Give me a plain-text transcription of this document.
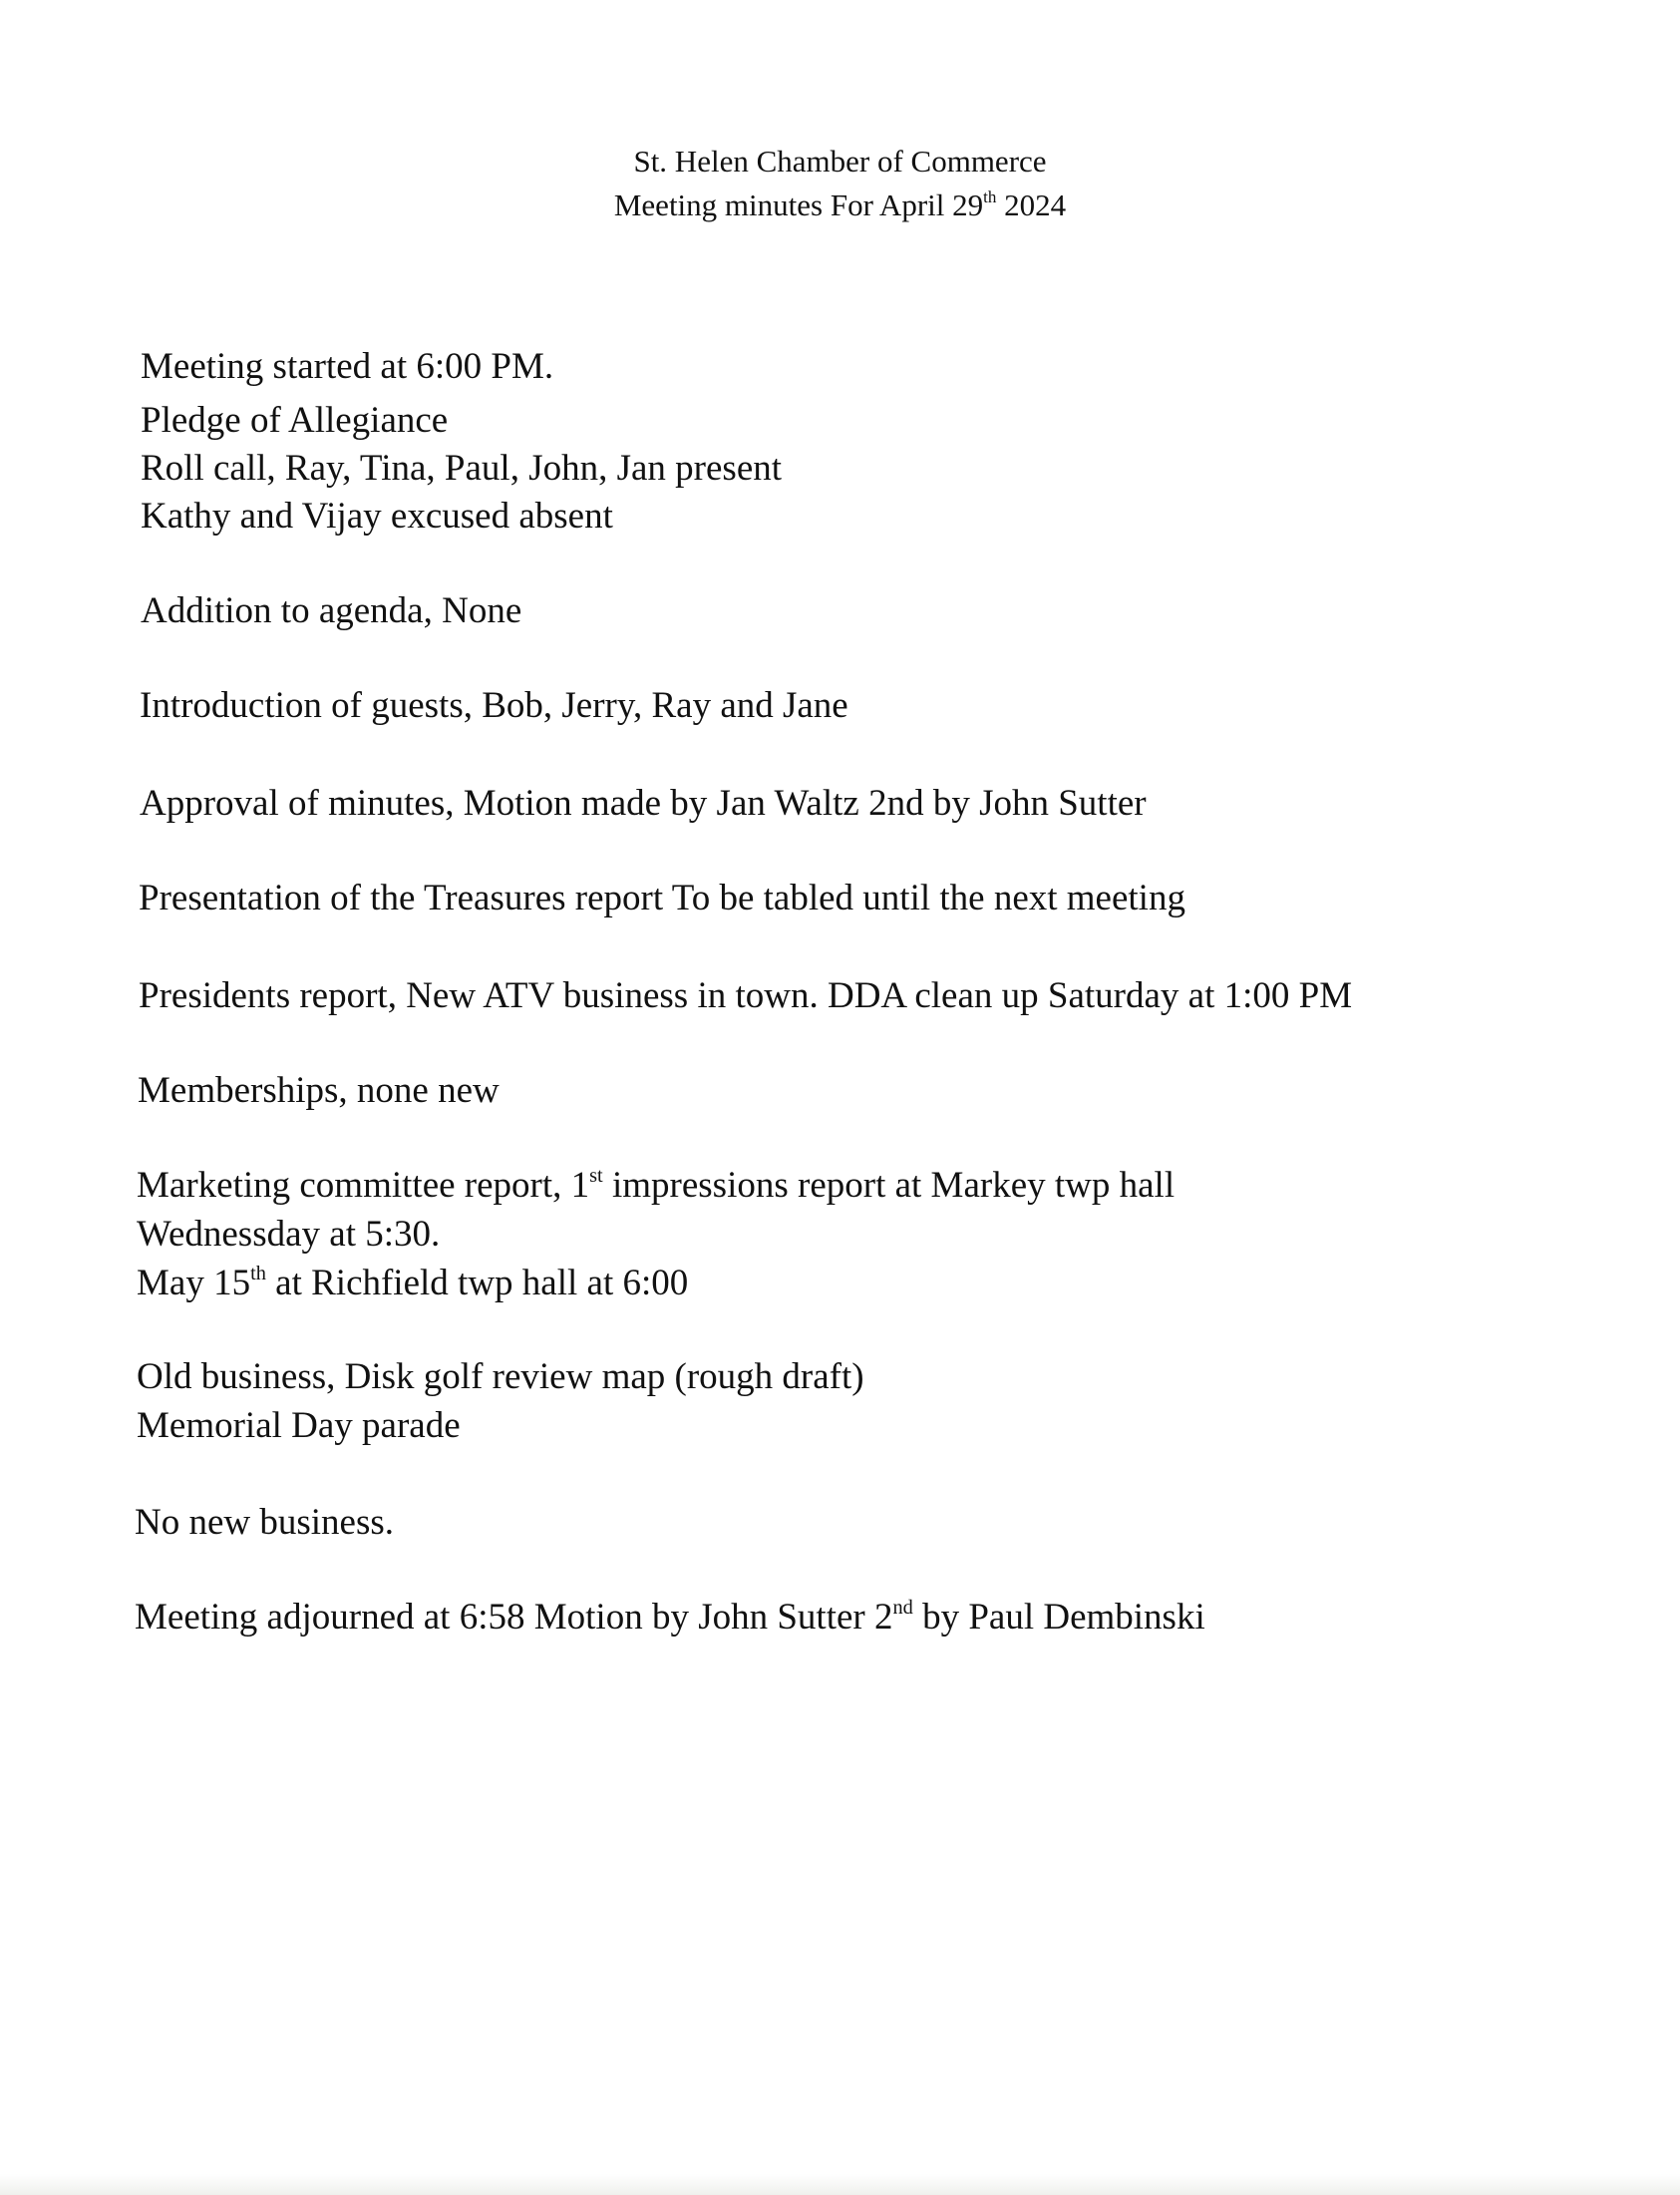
St. Helen Chamber of Commerce
Meeting minutes For April 29th 2024
Meeting started at 6:00 PM.
Pledge of Allegiance
Roll call, Ray, Tina, Paul, John, Jan present
Kathy and Vijay excused absent
Addition to agenda, None
Introduction of guests, Bob, Jerry, Ray and Jane
Approval of minutes, Motion made by Jan Waltz 2nd by John Sutter
Presentation of the Treasures report To be tabled until the next meeting
Presidents report, New ATV business in town. DDA clean up Saturday at 1:00 PM
Memberships, none new
Marketing committee report, 1st impressions report at Markey twp hall
Wednessday at 5:30.
May 15th at Richfield twp hall at 6:00
Old business, Disk golf review map (rough draft)
Memorial Day parade
No new business.
Meeting adjourned at 6:58 Motion by John Sutter 2nd by Paul Dembinski
